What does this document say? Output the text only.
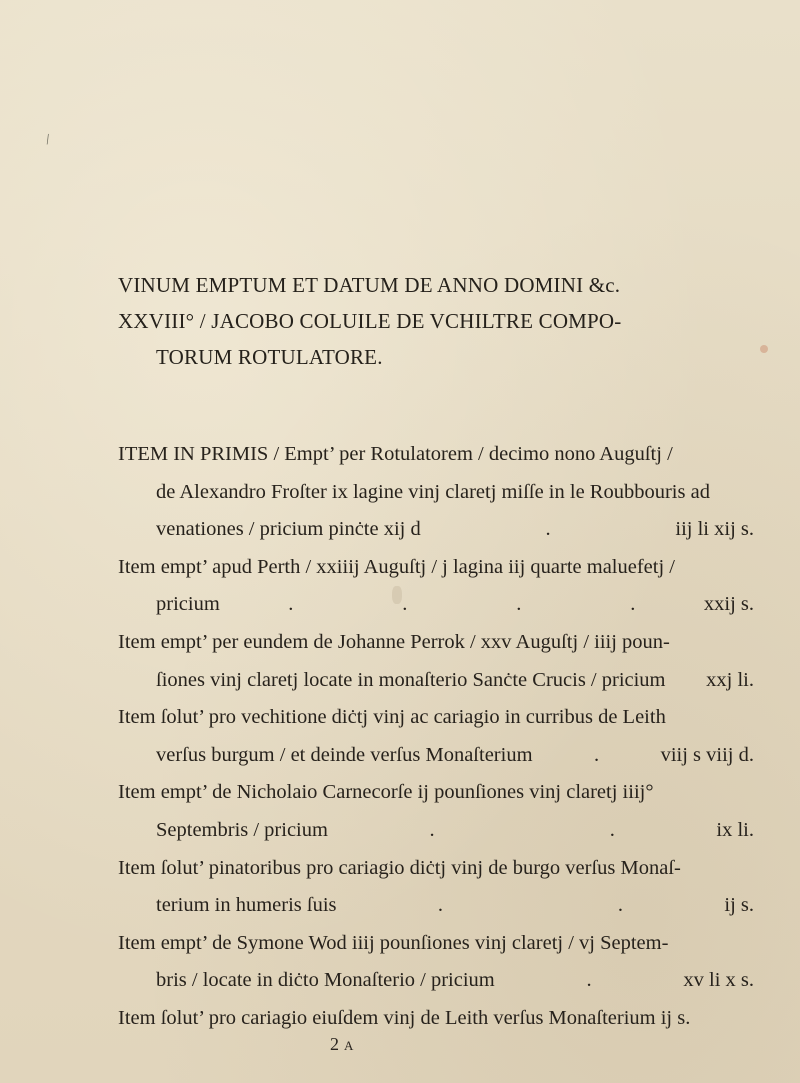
/
VINUM EMPTUM ET DATUM DE ANNO DOMINI &c.
XXVIII° / JACOBO COLUILE DE VCHILTRE COMPO-
TORUM ROTULATORE.
ITEM IN PRIMIS / Empt’ per Rotulatorem / decimo nono Auguſtj /
de Alexandro Froſter ix lagine vinj claretj miſſe in le Roubbouris ad
venationes / pricium pinċte xij d	.	iij li xij s.
Item empt’ apud Perth / xxiiij Auguſtj / j lagina iij quarte maluefetj /
pricium	.	.	.	.	xxij s.
Item empt’ per eundem de Johanne Perrok / xxv Auguſtj / iiij poun-
ſiones vinj claretj locate in monaſterio Sanċte Crucis / pricium xxj li.
Item ſolut’ pro vechitione diċtj vinj ac cariagio in curribus de Leith
verſus burgum / et deinde verſus Monaſterium	.	viij s viij d.
Item empt’ de Nicholaio Carnecorſe ij pounſiones vinj claretj iiij°
Septembris / pricium	.	.	ix li.
Item ſolut’ pinatoribus pro cariagio diċtj vinj de burgo verſus Monaſ-
terium in humeris ſuis	.	.	ij s.
Item empt’ de Symone Wod iiij pounſiones vinj claretj / vj Septem-
bris / locate in diċto Monaſterio / pricium	.	xv li x s.
Item ſolut’ pro cariagio eiuſdem vinj de Leith verſus Monaſterium ij s.
2 A
